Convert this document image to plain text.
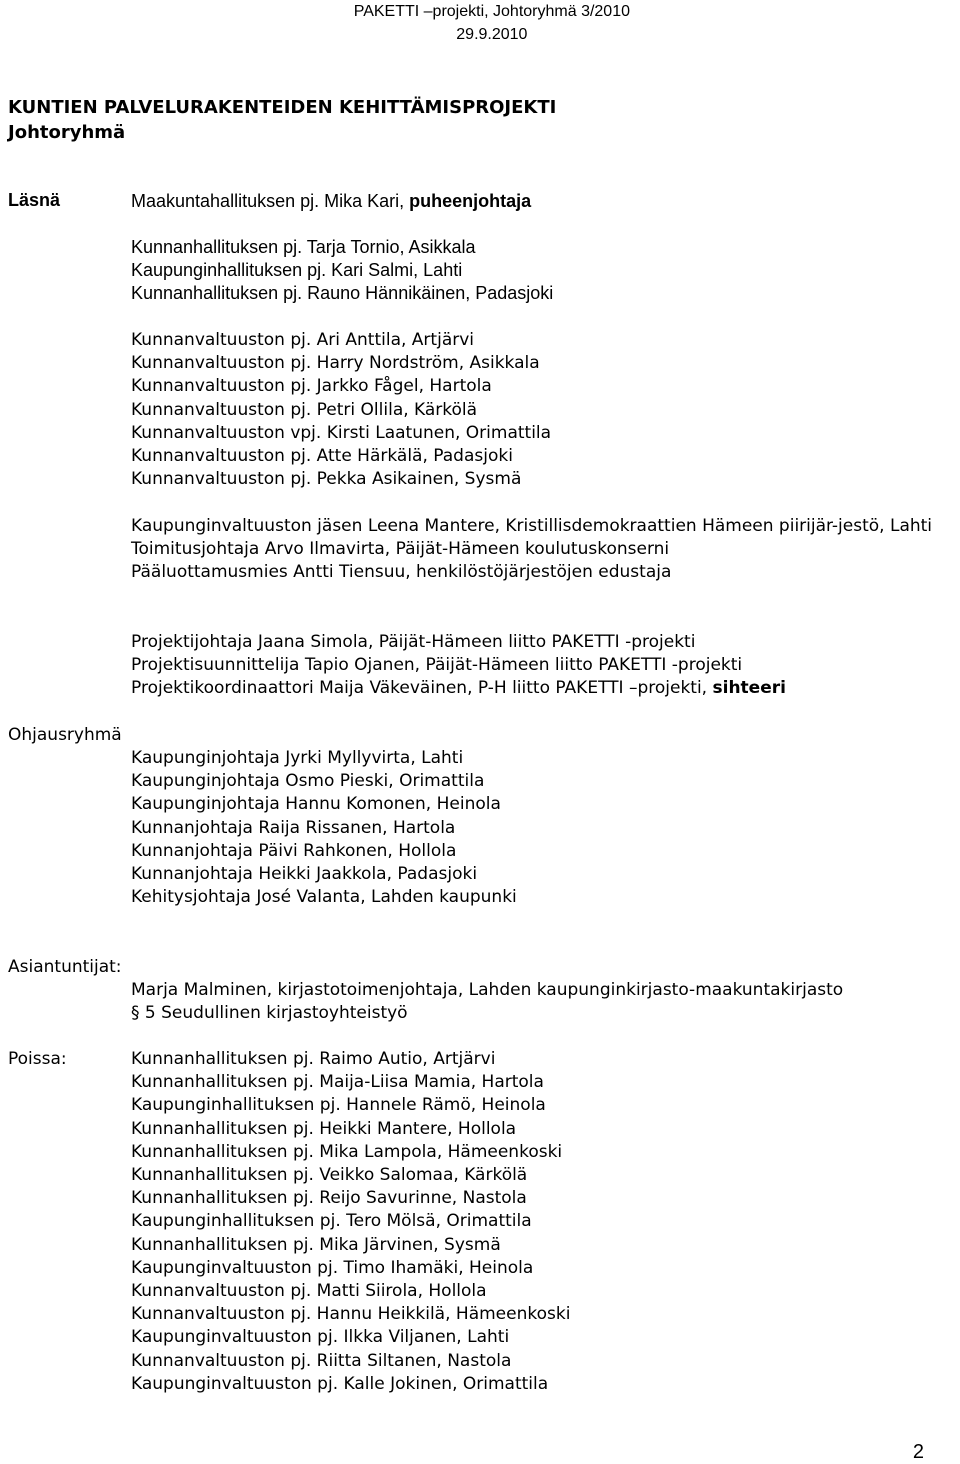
PAKETTI –projekti, Johtoryhmä 3/2010
29.9.2010
KUNTIEN PALVELURAKENTEIDEN KEHITTÄMISPROJEKTI
Johtoryhmä
Läsnä	Maakuntahallituksen pj. Mika Kari, puheenjohtaja
Kunnanhallituksen pj. Tarja Tornio, Asikkala
Kaupunginhallituksen pj. Kari Salmi, Lahti
Kunnanhallituksen pj. Rauno Hännikäinen, Padasjoki
Kunnanvaltuuston pj. Ari Anttila, Artjärvi
Kunnanvaltuuston pj. Harry Nordström, Asikkala
Kunnanvaltuuston pj. Jarkko Fågel, Hartola
Kunnanvaltuuston pj. Petri Ollila, Kärkölä
Kunnanvaltuuston vpj. Kirsti Laatunen, Orimattila
Kunnanvaltuuston pj. Atte Härkälä, Padasjoki
Kunnanvaltuuston pj. Pekka Asikainen, Sysmä
Kaupunginvaltuuston jäsen Leena Mantere, Kristillisdemokraattien Hämeen piirijär-jestö, Lahti
Toimitusjohtaja Arvo Ilmavirta, Päijät-Hämeen koulutuskonserni
Pääluottamusmies Antti Tiensuu, henkilöstöjärjestöjen edustaja
Projektijohtaja Jaana Simola, Päijät-Hämeen liitto PAKETTI -projekti
Projektisuunnittelija Tapio Ojanen, Päijät-Hämeen liitto PAKETTI -projekti
Projektikoordinaattori Maija Väkeväinen, P-H liitto PAKETTI –projekti, sihteeri
Ohjausryhmä
Kaupunginjohtaja Jyrki Myllyvirta, Lahti
Kaupunginjohtaja Osmo Pieski, Orimattila
Kaupunginjohtaja Hannu Komonen, Heinola
Kunnanjohtaja Raija Rissanen, Hartola
Kunnanjohtaja Päivi Rahkonen, Hollola
Kunnanjohtaja Heikki Jaakkola, Padasjoki
Kehitysjohtaja José Valanta, Lahden kaupunki
Asiantuntijat:
Marja Malminen, kirjastotoimenjohtaja, Lahden kaupunginkirjasto-maakuntakirjasto
§ 5 Seudullinen kirjastoyhteistyö
Poissa:	Kunnanhallituksen pj. Raimo Autio, Artjärvi
Kunnanhallituksen pj. Maija-Liisa Mamia, Hartola
Kaupunginhallituksen pj. Hannele Rämö, Heinola
Kunnanhallituksen pj. Heikki Mantere, Hollola
Kunnanhallituksen pj. Mika Lampola, Hämeenkoski
Kunnanhallituksen pj. Veikko Salomaa, Kärkölä
Kunnanhallituksen pj. Reijo Savurinne, Nastola
Kaupunginhallituksen pj. Tero Mölsä, Orimattila
Kunnanhallituksen pj. Mika Järvinen, Sysmä
Kaupunginvaltuuston pj. Timo Ihamäki, Heinola
Kunnanvaltuuston pj. Matti Siirola, Hollola
Kunnanvaltuuston pj. Hannu Heikkilä, Hämeenkoski
Kaupunginvaltuuston pj. Ilkka Viljanen, Lahti
Kunnanvaltuuston pj. Riitta Siltanen, Nastola
Kaupunginvaltuuston pj. Kalle Jokinen, Orimattila
2
